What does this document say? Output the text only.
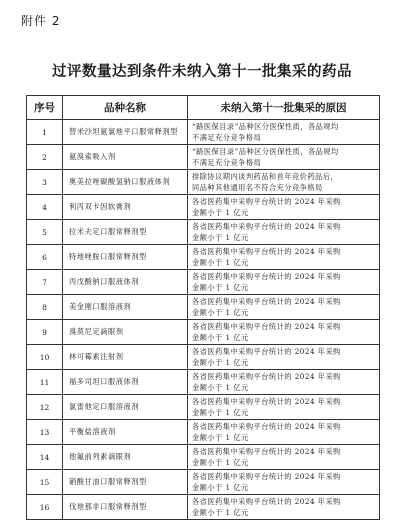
附件 2
过评数量达到条件未纳入第十一批集采的药品
序号	品种名称	未纳入第十一批集采的原因
1	替米沙坦氨氯地平口服常释剂型	“路医保目录”品种区分医保性质，各品规均
不满足充分竞争格局

2	氨溴索吸入剂	“路医保目录”品种区分医保性质，各品规均
不满足充分竞争格局

3	奥美拉唑碳酸氢钠口服液体剂	排除协议期内谈判药品和首年竞价药品后，
同品种其他通用名不符合充分竞争格局

4	利丙双卡因软膏剂	各省医药集中采购平台统计的 2024 年采购
金额小于 1 亿元

5	拉米夫定口服常释剂型	各省医药集中采购平台统计的 2024 年采购
金额小于 1 亿元

6	特地唑胺口服常释剂型	各省医药集中采购平台统计的 2024 年采购
金额小于 1 亿元

7	丙戊酸钠口服液体剂	各省医药集中采购平台统计的 2024 年采购
金额小于 1 亿元

8	美金刚口服溶液剂	各省医药集中采购平台统计的 2024 年采购
金额小于 1 亿元

9	溴莫尼定滴眼剂	各省医药集中采购平台统计的 2024 年采购
金额小于 1 亿元

10	林可霉素注射剂	各省医药集中采购平台统计的 2024 年采购
金额小于 1 亿元

11	福多司坦口服液体剂	各省医药集中采购平台统计的 2024 年采购
金额小于 1 亿元

12	氯雷他定口服溶液剂	各省医药集中采购平台统计的 2024 年采购
金额小于 1 亿元

13	平衡盐溶液剂	各省医药集中采购平台统计的 2024 年采购
金额小于 1 亿元

14	他氟前列素滴眼剂	各省医药集中采购平台统计的 2024 年采购
金额小于 1 亿元

15	硝酸甘油口服常释剂型	各省医药集中采购平台统计的 2024 年采购
金额小于 1 亿元

16	伐地那非口服常释剂型	各省医药集中采购平台统计的 2024 年采购
金额小于 1 亿元
